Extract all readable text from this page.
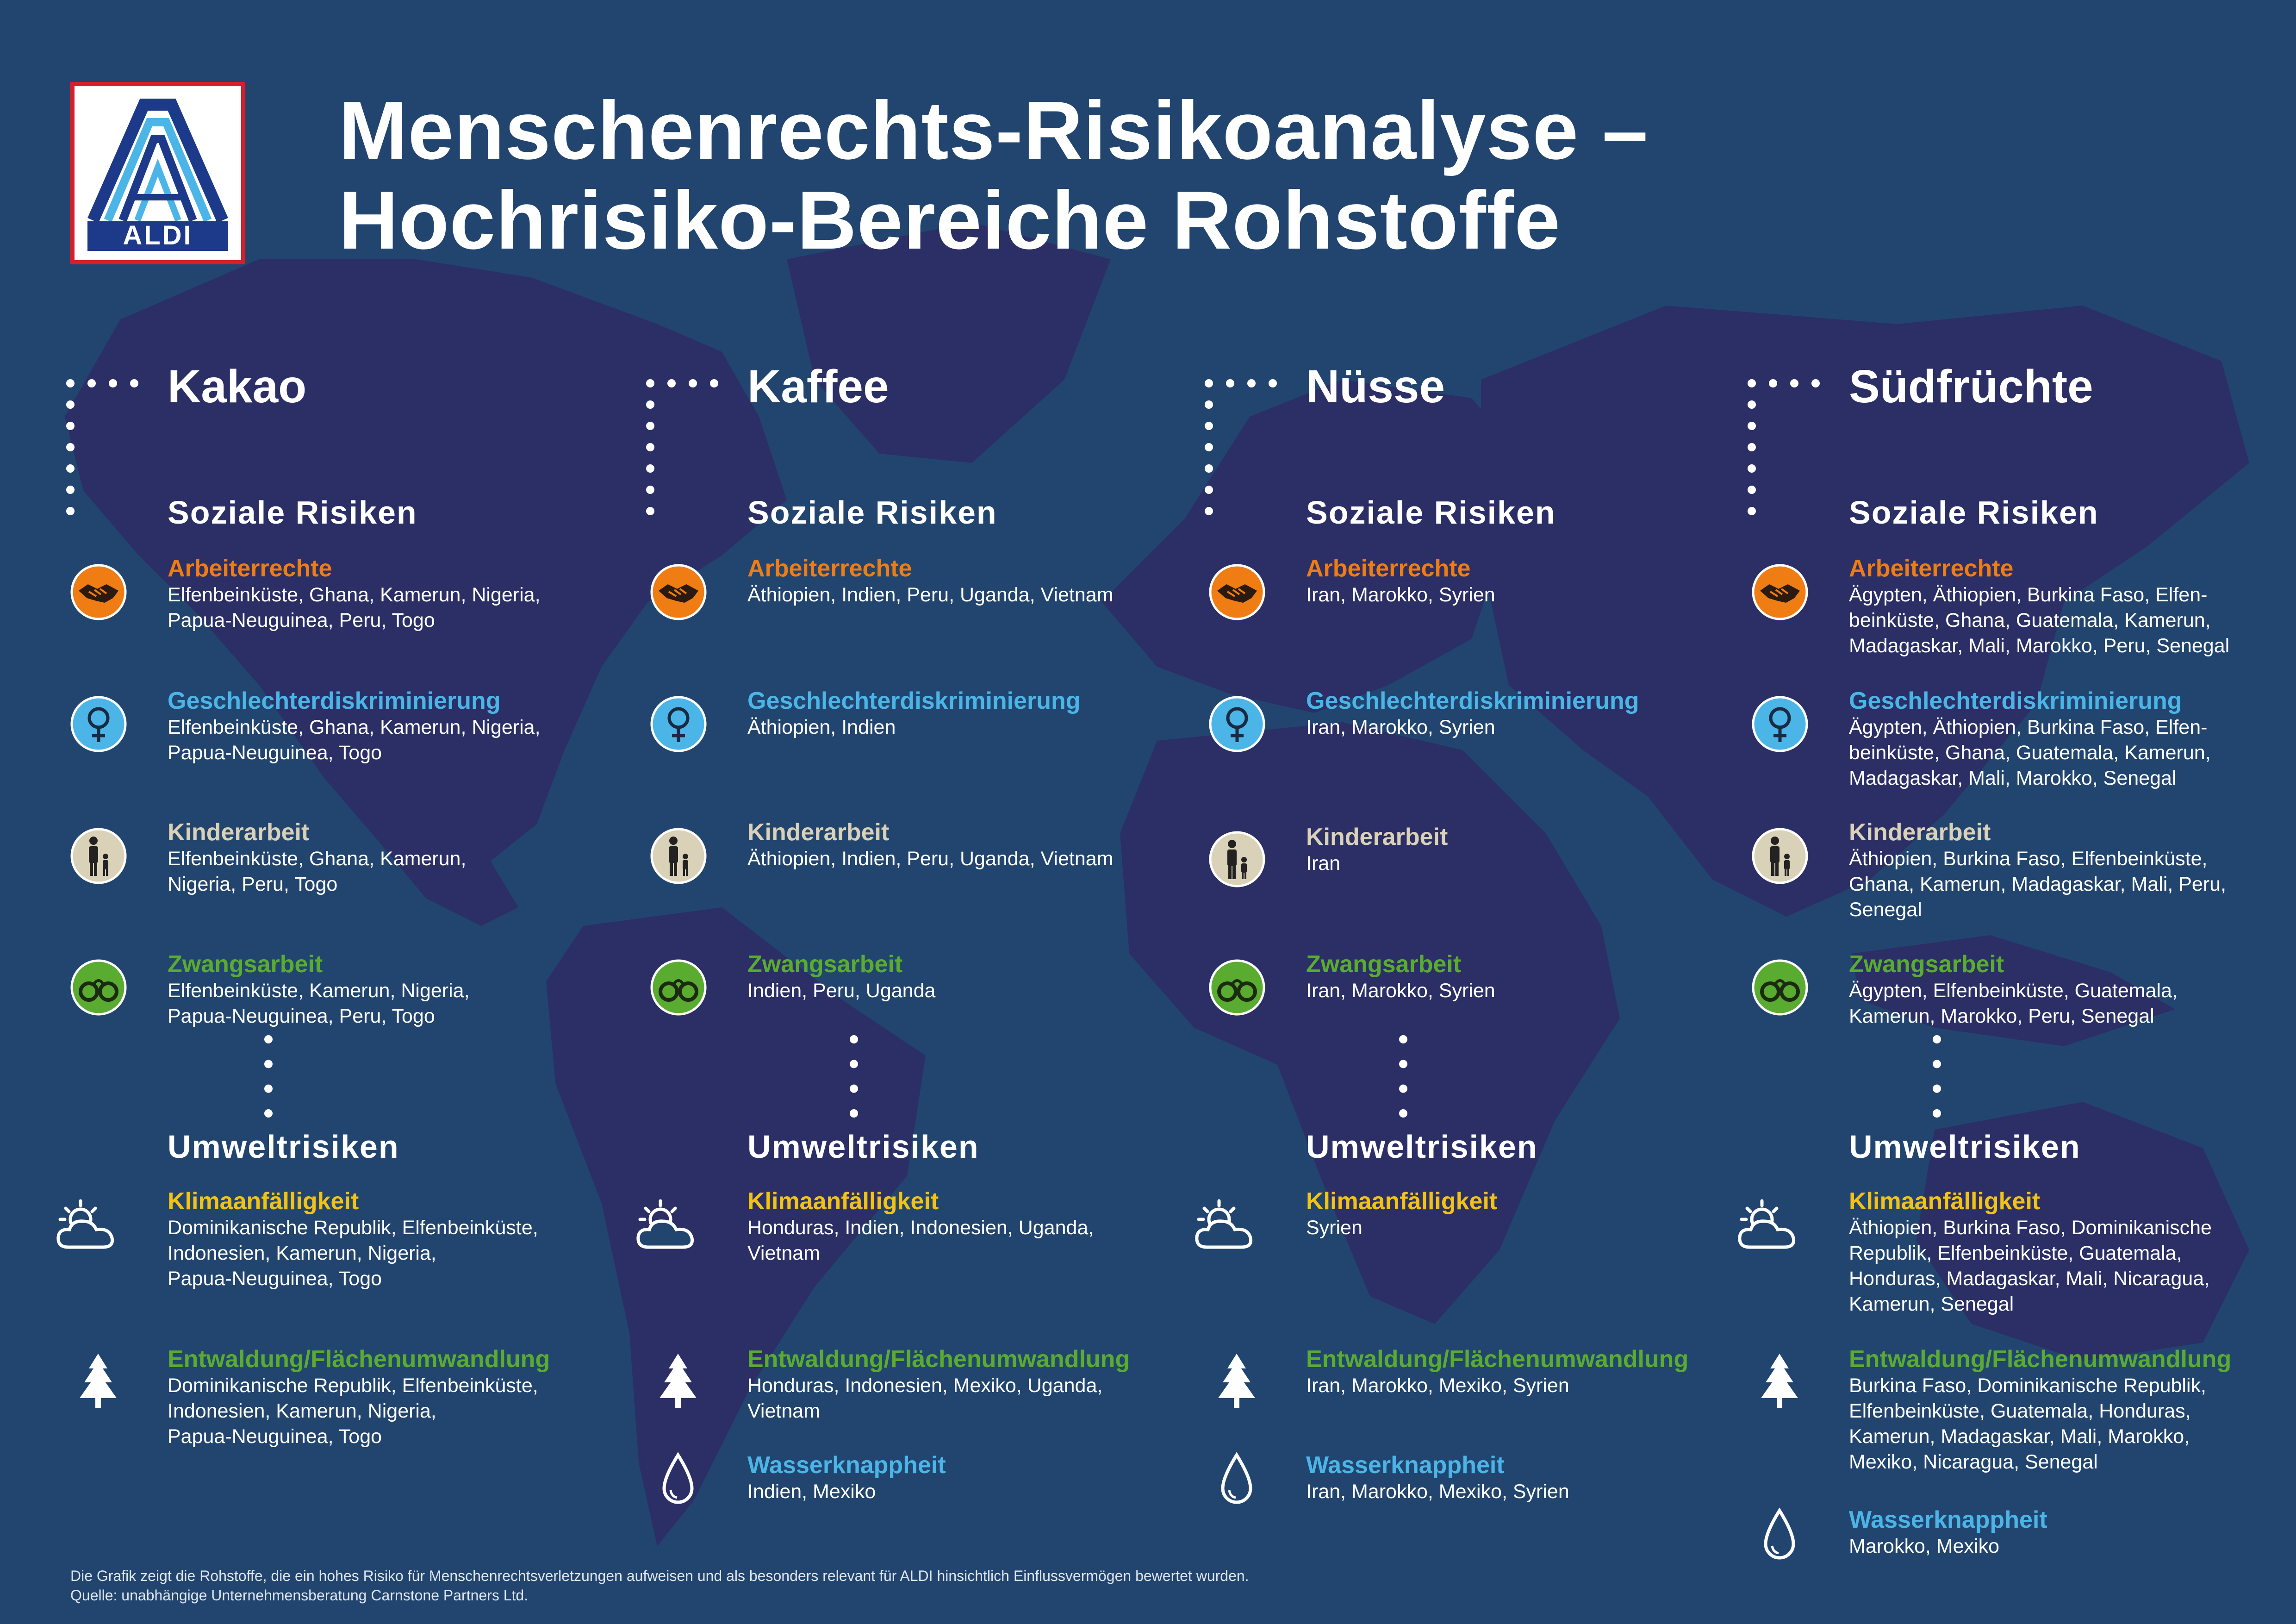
ALDI
Menschenrechts-Risikoanalyse –
Hochrisiko-Bereiche Rohstoffe
Kakao
Soziale Risiken
Umweltrisiken
Arbeiterrechte
Elfenbeinküste, Ghana, Kamerun, Nigeria,
Papua-Neuguinea, Peru, Togo
Geschlechterdiskriminierung
Elfenbeinküste, Ghana, Kamerun, Nigeria,
Papua-Neuguinea, Togo
Kinderarbeit
Elfenbeinküste, Ghana, Kamerun,
Nigeria, Peru, Togo
Zwangsarbeit
Elfenbeinküste, Kamerun, Nigeria,
Papua-Neuguinea, Peru, Togo
Klimaanfälligkeit
Dominikanische Republik, Elfenbeinküste,
Indonesien, Kamerun, Nigeria,
Papua-Neuguinea, Togo
Entwaldung/Flächenumwandlung
Dominikanische Republik, Elfenbeinküste,
Indonesien, Kamerun, Nigeria,
Papua-Neuguinea, Togo
Kaffee
Soziale Risiken
Umweltrisiken
Arbeiterrechte
Äthiopien, Indien, Peru, Uganda, Vietnam
Geschlechterdiskriminierung
Äthiopien, Indien
Kinderarbeit
Äthiopien, Indien, Peru, Uganda, Vietnam
Zwangsarbeit
Indien, Peru, Uganda
Klimaanfälligkeit
Honduras, Indien, Indonesien, Uganda,
Vietnam
Entwaldung/Flächenumwandlung
Honduras, Indonesien, Mexiko, Uganda,
Vietnam
Wasserknappheit
Indien, Mexiko
Nüsse
Soziale Risiken
Umweltrisiken
Arbeiterrechte
Iran, Marokko, Syrien
Geschlechterdiskriminierung
Iran, Marokko, Syrien
Kinderarbeit
Iran
Zwangsarbeit
Iran, Marokko, Syrien
Klimaanfälligkeit
Syrien
Entwaldung/Flächenumwandlung
Iran, Marokko, Mexiko, Syrien
Wasserknappheit
Iran, Marokko, Mexiko, Syrien
Südfrüchte
Soziale Risiken
Umweltrisiken
Arbeiterrechte
Ägypten, Äthiopien, Burkina Faso, Elfen-
beinküste, Ghana, Guatemala, Kamerun,
Madagaskar, Mali, Marokko, Peru, Senegal
Geschlechterdiskriminierung
Ägypten, Äthiopien, Burkina Faso, Elfen-
beinküste, Ghana, Guatemala, Kamerun,
Madagaskar, Mali, Marokko, Senegal
Kinderarbeit
Äthiopien, Burkina Faso, Elfenbeinküste,
Ghana, Kamerun, Madagaskar, Mali, Peru,
Senegal
Zwangsarbeit
Ägypten, Elfenbeinküste, Guatemala,
Kamerun, Marokko, Peru, Senegal
Klimaanfälligkeit
Äthiopien, Burkina Faso, Dominikanische
Republik, Elfenbeinküste, Guatemala,
Honduras, Madagaskar, Mali, Nicaragua,
Kamerun, Senegal
Entwaldung/Flächenumwandlung
Burkina Faso, Dominikanische Republik,
Elfenbeinküste, Guatemala, Honduras,
Kamerun, Madagaskar, Mali, Marokko,
Mexiko, Nicaragua, Senegal
Wasserknappheit
Marokko, Mexiko
Die Grafik zeigt die Rohstoffe, die ein hohes Risiko für Menschenrechtsverletzungen aufweisen und als besonders relevant für ALDI hinsichtlich Einflussvermögen bewertet wurden.
Quelle: unabhängige Unternehmensberatung Carnstone Partners Ltd.
